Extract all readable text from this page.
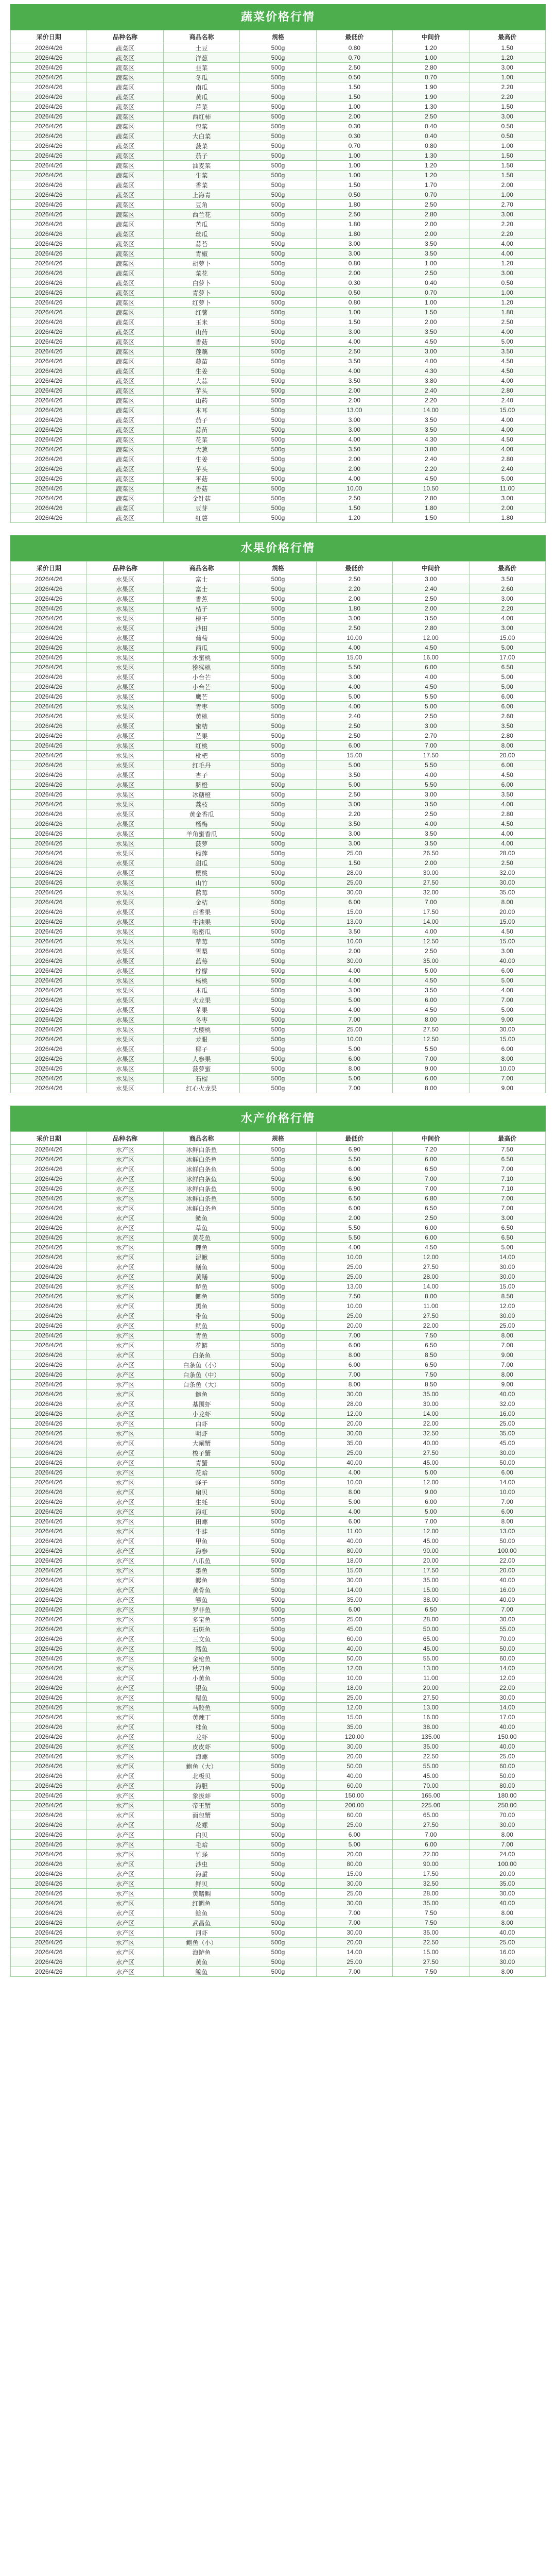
蔬菜价格行情
采价日期	品种名称	商品名称	规格	最低价	中间价	最高价
2026/4/26	蔬菜区	土豆	500g	0.80	1.20	1.50
2026/4/26	蔬菜区	洋葱	500g	0.70	1.00	1.20
2026/4/26	蔬菜区	韭菜	500g	2.50	2.80	3.00
2026/4/26	蔬菜区	冬瓜	500g	0.50	0.70	1.00
2026/4/26	蔬菜区	南瓜	500g	1.50	1.90	2.20
2026/4/26	蔬菜区	黄瓜	500g	1.50	1.90	2.20
2026/4/26	蔬菜区	芹菜	500g	1.00	1.30	1.50
2026/4/26	蔬菜区	西红柿	500g	2.00	2.50	3.00
2026/4/26	蔬菜区	包菜	500g	0.30	0.40	0.50
2026/4/26	蔬菜区	大白菜	500g	0.30	0.40	0.50
2026/4/26	蔬菜区	菠菜	500g	0.70	0.80	1.00
2026/4/26	蔬菜区	茄子	500g	1.00	1.30	1.50
2026/4/26	蔬菜区	油麦菜	500g	1.00	1.20	1.50
2026/4/26	蔬菜区	生菜	500g	1.00	1.20	1.50
2026/4/26	蔬菜区	香菜	500g	1.50	1.70	2.00
2026/4/26	蔬菜区	上海青	500g	0.50	0.70	1.00
2026/4/26	蔬菜区	豆角	500g	1.80	2.50	2.70
2026/4/26	蔬菜区	西兰花	500g	2.50	2.80	3.00
2026/4/26	蔬菜区	苦瓜	500g	1.80	2.00	2.20
2026/4/26	蔬菜区	丝瓜	500g	1.80	2.00	2.20
2026/4/26	蔬菜区	蒜苔	500g	3.00	3.50	4.00
2026/4/26	蔬菜区	青椒	500g	3.00	3.50	4.00
2026/4/26	蔬菜区	胡萝卜	500g	0.80	1.00	1.20
2026/4/26	蔬菜区	菜花	500g	2.00	2.50	3.00
2026/4/26	蔬菜区	白萝卜	500g	0.30	0.40	0.50
2026/4/26	蔬菜区	青萝卜	500g	0.50	0.70	1.00
2026/4/26	蔬菜区	红萝卜	500g	0.80	1.00	1.20
2026/4/26	蔬菜区	红薯	500g	1.00	1.50	1.80
2026/4/26	蔬菜区	玉米	500g	1.50	2.00	2.50
2026/4/26	蔬菜区	山药	500g	3.00	3.50	4.00
2026/4/26	蔬菜区	香菇	500g	4.00	4.50	5.00
2026/4/26	蔬菜区	莲藕	500g	2.50	3.00	3.50
2026/4/26	蔬菜区	蒜苗	500g	3.50	4.00	4.50
2026/4/26	蔬菜区	生姜	500g	4.00	4.30	4.50
2026/4/26	蔬菜区	大蒜	500g	3.50	3.80	4.00
2026/4/26	蔬菜区	芋头	500g	2.00	2.40	2.80
2026/4/26	蔬菜区	山药	500g	2.00	2.20	2.40
2026/4/26	蔬菜区	木耳	500g	13.00	14.00	15.00
2026/4/26	蔬菜区	茄子	500g	3.00	3.50	4.00
2026/4/26	蔬菜区	蒜苗	500g	3.00	3.50	4.00
2026/4/26	蔬菜区	花菜	500g	4.00	4.30	4.50
2026/4/26	蔬菜区	大葱	500g	3.50	3.80	4.00
2026/4/26	蔬菜区	生姜	500g	2.00	2.40	2.80
2026/4/26	蔬菜区	芋头	500g	2.00	2.20	2.40
2026/4/26	蔬菜区	平菇	500g	4.00	4.50	5.00
2026/4/26	蔬菜区	香菇	500g	10.00	10.50	11.00
2026/4/26	蔬菜区	金针菇	500g	2.50	2.80	3.00
2026/4/26	蔬菜区	豆芽	500g	1.50	1.80	2.00
2026/4/26	蔬菜区	红薯	500g	1.20	1.50	1.80
水果价格行情
采价日期	品种名称	商品名称	规格	最低价	中间价	最高价
2026/4/26	水果区	富士	500g	2.50	3.00	3.50
2026/4/26	水果区	富士	500g	2.20	2.40	2.60
2026/4/26	水果区	香蕉	500g	2.00	2.50	3.00
2026/4/26	水果区	桔子	500g	1.80	2.00	2.20
2026/4/26	水果区	橙子	500g	3.00	3.50	4.00
2026/4/26	水果区	沙田	500g	2.50	2.80	3.00
2026/4/26	水果区	葡萄	500g	10.00	12.00	15.00
2026/4/26	水果区	西瓜	500g	4.00	4.50	5.00
2026/4/26	水果区	水蜜桃	500g	15.00	16.00	17.00
2026/4/26	水果区	猕猴桃	500g	5.50	6.00	6.50
2026/4/26	水果区	小台芒	500g	3.00	4.00	5.00
2026/4/26	水果区	小台芒	500g	4.00	4.50	5.00
2026/4/26	水果区	鹰芒	500g	5.00	5.50	6.00
2026/4/26	水果区	青枣	500g	4.00	5.00	6.00
2026/4/26	水果区	黄桃	500g	2.40	2.50	2.60
2026/4/26	水果区	蜜桔	500g	2.50	3.00	3.50
2026/4/26	水果区	芒果	500g	2.50	2.70	2.80
2026/4/26	水果区	红桃	500g	6.00	7.00	8.00
2026/4/26	水果区	枇杷	500g	15.00	17.50	20.00
2026/4/26	水果区	红毛丹	500g	5.00	5.50	6.00
2026/4/26	水果区	杏子	500g	3.50	4.00	4.50
2026/4/26	水果区	脐橙	500g	5.00	5.50	6.00
2026/4/26	水果区	冰糖橙	500g	2.50	3.00	3.50
2026/4/26	水果区	荔枝	500g	3.00	3.50	4.00
2026/4/26	水果区	黄金香瓜	500g	2.20	2.50	2.80
2026/4/26	水果区	杨梅	500g	3.50	4.00	4.50
2026/4/26	水果区	羊角蜜香瓜	500g	3.00	3.50	4.00
2026/4/26	水果区	菠萝	500g	3.00	3.50	4.00
2026/4/26	水果区	榴莲	500g	25.00	26.50	28.00
2026/4/26	水果区	甜瓜	500g	1.50	2.00	2.50
2026/4/26	水果区	樱桃	500g	28.00	30.00	32.00
2026/4/26	水果区	山竹	500g	25.00	27.50	30.00
2026/4/26	水果区	蓝莓	500g	30.00	32.00	35.00
2026/4/26	水果区	金桔	500g	6.00	7.00	8.00
2026/4/26	水果区	百香果	500g	15.00	17.50	20.00
2026/4/26	水果区	牛油果	500g	13.00	14.00	15.00
2026/4/26	水果区	哈密瓜	500g	3.50	4.00	4.50
2026/4/26	水果区	草莓	500g	10.00	12.50	15.00
2026/4/26	水果区	雪梨	500g	2.00	2.50	3.00
2026/4/26	水果区	蓝莓	500g	30.00	35.00	40.00
2026/4/26	水果区	柠檬	500g	4.00	5.00	6.00
2026/4/26	水果区	杨桃	500g	4.00	4.50	5.00
2026/4/26	水果区	木瓜	500g	3.00	3.50	4.00
2026/4/26	水果区	火龙果	500g	5.00	6.00	7.00
2026/4/26	水果区	苹果	500g	4.00	4.50	5.00
2026/4/26	水果区	冬枣	500g	7.00	8.00	9.00
2026/4/26	水果区	大樱桃	500g	25.00	27.50	30.00
2026/4/26	水果区	龙眼	500g	10.00	12.50	15.00
2026/4/26	水果区	椰子	500g	5.00	5.50	6.00
2026/4/26	水果区	人参果	500g	6.00	7.00	8.00
2026/4/26	水果区	菠萝蜜	500g	8.00	9.00	10.00
2026/4/26	水果区	石榴	500g	5.00	6.00	7.00
2026/4/26	水果区	红心火龙果	500g	7.00	8.00	9.00
水产价格行情
采价日期	品种名称	商品名称	规格	最低价	中间价	最高价
2026/4/26	水产区	冰鲜白条鱼	500g	6.90	7.20	7.50
2026/4/26	水产区	冰鲜白条鱼	500g	5.50	6.00	6.50
2026/4/26	水产区	冰鲜白条鱼	500g	6.00	6.50	7.00
2026/4/26	水产区	冰鲜白条鱼	500g	6.90	7.00	7.10
2026/4/26	水产区	冰鲜白条鱼	500g	6.90	7.00	7.10
2026/4/26	水产区	冰鲜白条鱼	500g	6.50	6.80	7.00
2026/4/26	水产区	冰鲜白条鱼	500g	6.00	6.50	7.00
2026/4/26	水产区	鲢鱼	500g	2.00	2.50	3.00
2026/4/26	水产区	草鱼	500g	5.50	6.00	6.50
2026/4/26	水产区	黄花鱼	500g	5.50	6.00	6.50
2026/4/26	水产区	鲤鱼	500g	4.00	4.50	5.00
2026/4/26	水产区	泥鳅	500g	10.00	12.00	14.00
2026/4/26	水产区	鳝鱼	500g	25.00	27.50	30.00
2026/4/26	水产区	黄鳝	500g	25.00	28.00	30.00
2026/4/26	水产区	鲈鱼	500g	13.00	14.00	15.00
2026/4/26	水产区	鲫鱼	500g	7.50	8.00	8.50
2026/4/26	水产区	黑鱼	500g	10.00	11.00	12.00
2026/4/26	水产区	带鱼	500g	25.00	27.50	30.00
2026/4/26	水产区	鱿鱼	500g	20.00	22.00	25.00
2026/4/26	水产区	青鱼	500g	7.00	7.50	8.00
2026/4/26	水产区	花鲢	500g	6.00	6.50	7.00
2026/4/26	水产区	白条鱼	500g	8.00	8.50	9.00
2026/4/26	水产区	白条鱼（小）	500g	6.00	6.50	7.00
2026/4/26	水产区	白条鱼（中）	500g	7.00	7.50	8.00
2026/4/26	水产区	白条鱼（大）	500g	8.00	8.50	9.00
2026/4/26	水产区	鲍鱼	500g	30.00	35.00	40.00
2026/4/26	水产区	基围虾	500g	28.00	30.00	32.00
2026/4/26	水产区	小龙虾	500g	12.00	14.00	16.00
2026/4/26	水产区	白虾	500g	20.00	22.00	25.00
2026/4/26	水产区	明虾	500g	30.00	32.50	35.00
2026/4/26	水产区	大闸蟹	500g	35.00	40.00	45.00
2026/4/26	水产区	梭子蟹	500g	25.00	27.50	30.00
2026/4/26	水产区	青蟹	500g	40.00	45.00	50.00
2026/4/26	水产区	花蛤	500g	4.00	5.00	6.00
2026/4/26	水产区	蛏子	500g	10.00	12.00	14.00
2026/4/26	水产区	扇贝	500g	8.00	9.00	10.00
2026/4/26	水产区	生蚝	500g	5.00	6.00	7.00
2026/4/26	水产区	海虹	500g	4.00	5.00	6.00
2026/4/26	水产区	田螺	500g	6.00	7.00	8.00
2026/4/26	水产区	牛蛙	500g	11.00	12.00	13.00
2026/4/26	水产区	甲鱼	500g	40.00	45.00	50.00
2026/4/26	水产区	海参	500g	80.00	90.00	100.00
2026/4/26	水产区	八爪鱼	500g	18.00	20.00	22.00
2026/4/26	水产区	墨鱼	500g	15.00	17.50	20.00
2026/4/26	水产区	鳗鱼	500g	30.00	35.00	40.00
2026/4/26	水产区	黄骨鱼	500g	14.00	15.00	16.00
2026/4/26	水产区	鳜鱼	500g	35.00	38.00	40.00
2026/4/26	水产区	罗非鱼	500g	6.00	6.50	7.00
2026/4/26	水产区	多宝鱼	500g	25.00	28.00	30.00
2026/4/26	水产区	石斑鱼	500g	45.00	50.00	55.00
2026/4/26	水产区	三文鱼	500g	60.00	65.00	70.00
2026/4/26	水产区	鳕鱼	500g	40.00	45.00	50.00
2026/4/26	水产区	金枪鱼	500g	50.00	55.00	60.00
2026/4/26	水产区	秋刀鱼	500g	12.00	13.00	14.00
2026/4/26	水产区	小黄鱼	500g	10.00	11.00	12.00
2026/4/26	水产区	银鱼	500g	18.00	20.00	22.00
2026/4/26	水产区	鲳鱼	500g	25.00	27.50	30.00
2026/4/26	水产区	马鲛鱼	500g	12.00	13.00	14.00
2026/4/26	水产区	黄辣丁	500g	15.00	16.00	17.00
2026/4/26	水产区	桂鱼	500g	35.00	38.00	40.00
2026/4/26	水产区	龙虾	500g	120.00	135.00	150.00
2026/4/26	水产区	皮皮虾	500g	30.00	35.00	40.00
2026/4/26	水产区	海螺	500g	20.00	22.50	25.00
2026/4/26	水产区	鲍鱼（大）	500g	50.00	55.00	60.00
2026/4/26	水产区	北极贝	500g	40.00	45.00	50.00
2026/4/26	水产区	海胆	500g	60.00	70.00	80.00
2026/4/26	水产区	象拔蚌	500g	150.00	165.00	180.00
2026/4/26	水产区	帝王蟹	500g	200.00	225.00	250.00
2026/4/26	水产区	面包蟹	500g	60.00	65.00	70.00
2026/4/26	水产区	花螺	500g	25.00	27.50	30.00
2026/4/26	水产区	白贝	500g	6.00	7.00	8.00
2026/4/26	水产区	毛蛤	500g	5.00	6.00	7.00
2026/4/26	水产区	竹蛏	500g	20.00	22.00	24.00
2026/4/26	水产区	沙虫	500g	80.00	90.00	100.00
2026/4/26	水产区	海蜇	500g	15.00	17.50	20.00
2026/4/26	水产区	鲜贝	500g	30.00	32.50	35.00
2026/4/26	水产区	黄鳍鲷	500g	25.00	28.00	30.00
2026/4/26	水产区	红鲷鱼	500g	30.00	35.00	40.00
2026/4/26	水产区	鲶鱼	500g	7.00	7.50	8.00
2026/4/26	水产区	武昌鱼	500g	7.00	7.50	8.00
2026/4/26	水产区	河虾	500g	30.00	35.00	40.00
2026/4/26	水产区	鲍鱼（小）	500g	20.00	22.50	25.00
2026/4/26	水产区	海鲈鱼	500g	14.00	15.00	16.00
2026/4/26	水产区	黄鱼	500g	25.00	27.50	30.00
2026/4/26	水产区	鳊鱼	500g	7.00	7.50	8.00
